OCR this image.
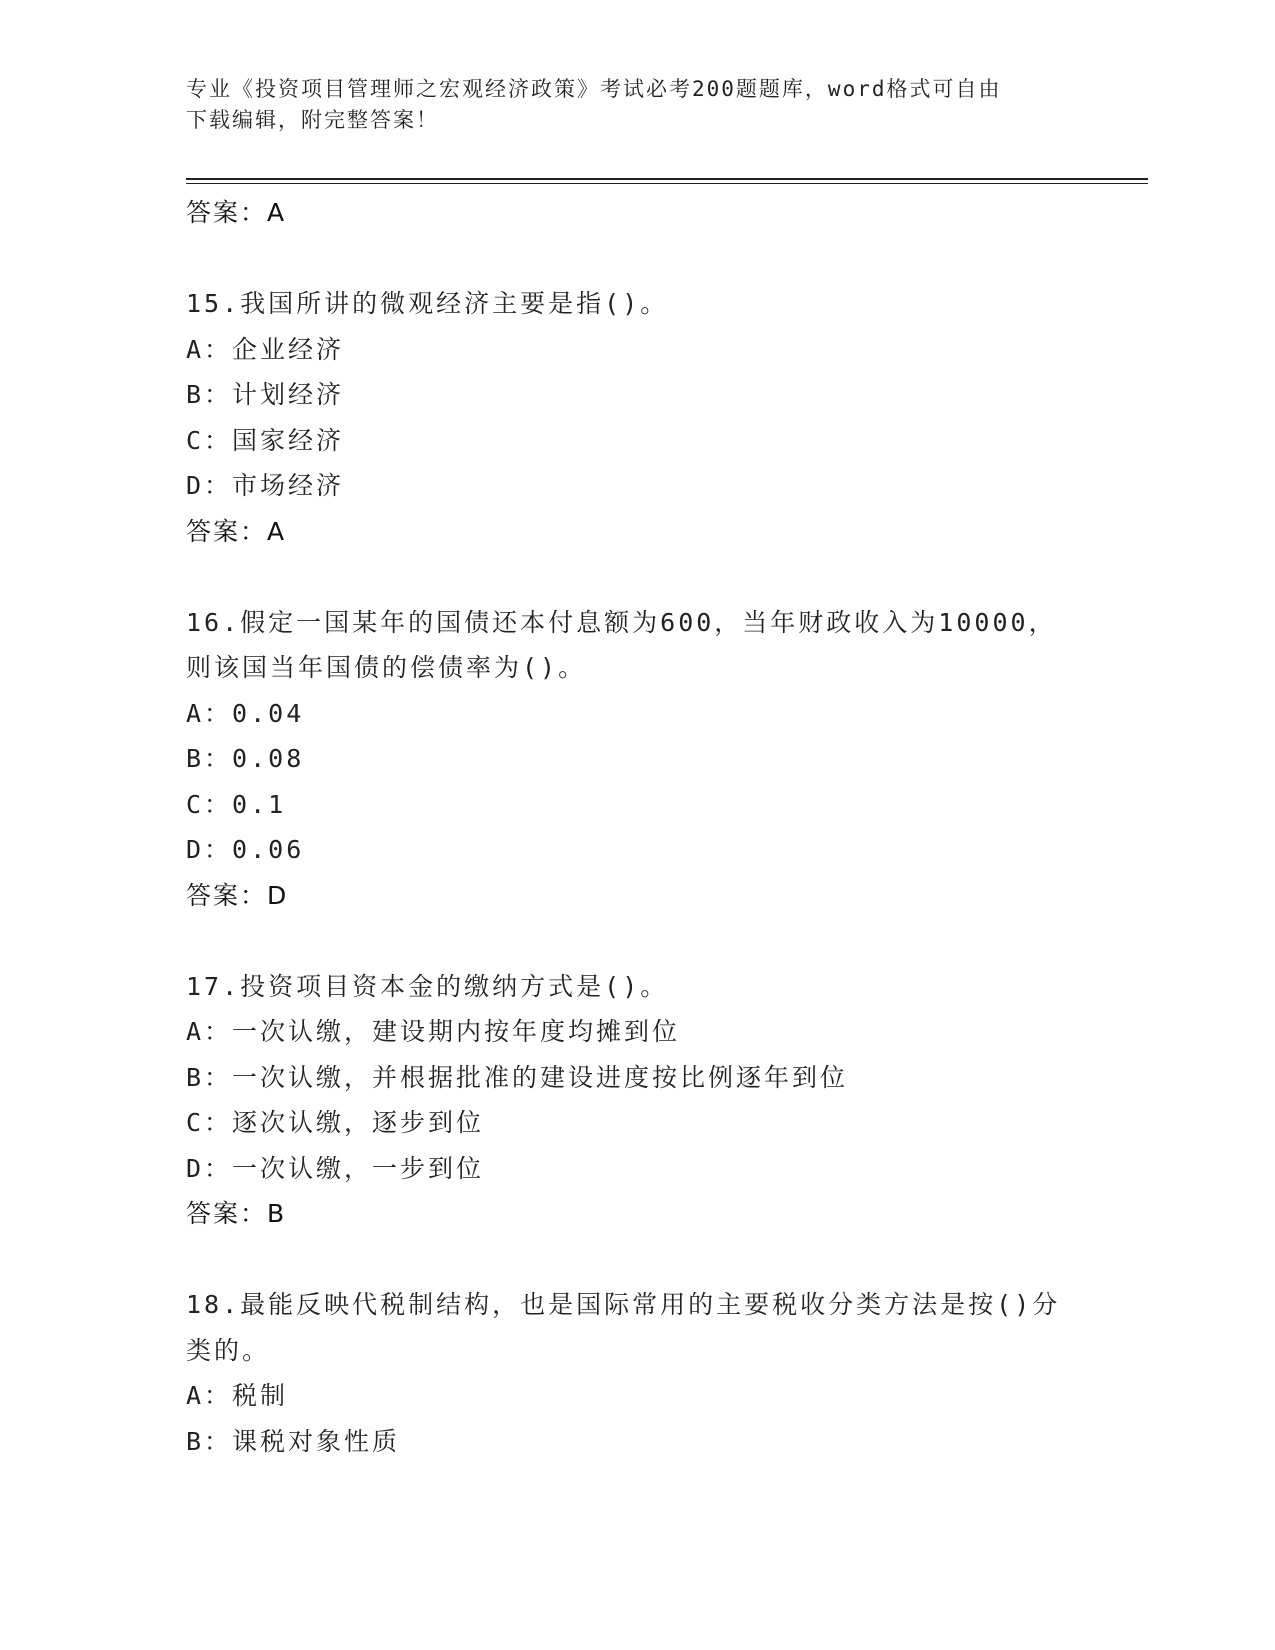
专业《投资项目管理师之宏观经济政策》考试必考200题题库，word格式可自由
下载编辑，附完整答案！
答案：A
15.我国所讲的微观经济主要是指()。
A：企业经济
B：计划经济
C：国家经济
D：市场经济
答案：A
16.假定一国某年的国债还本付息额为600，当年财政收入为10000，
则该国当年国债的偿债率为()。
A：0.04
B：0.08
C：0.1
D：0.06
答案：D
17.投资项目资本金的缴纳方式是()。
A：一次认缴，建设期内按年度均摊到位
B：一次认缴，并根据批准的建设进度按比例逐年到位
C：逐次认缴，逐步到位
D：一次认缴，一步到位
答案：B
18.最能反映代税制结构，也是国际常用的主要税收分类方法是按()分
类的。
A：税制
B：课税对象性质
